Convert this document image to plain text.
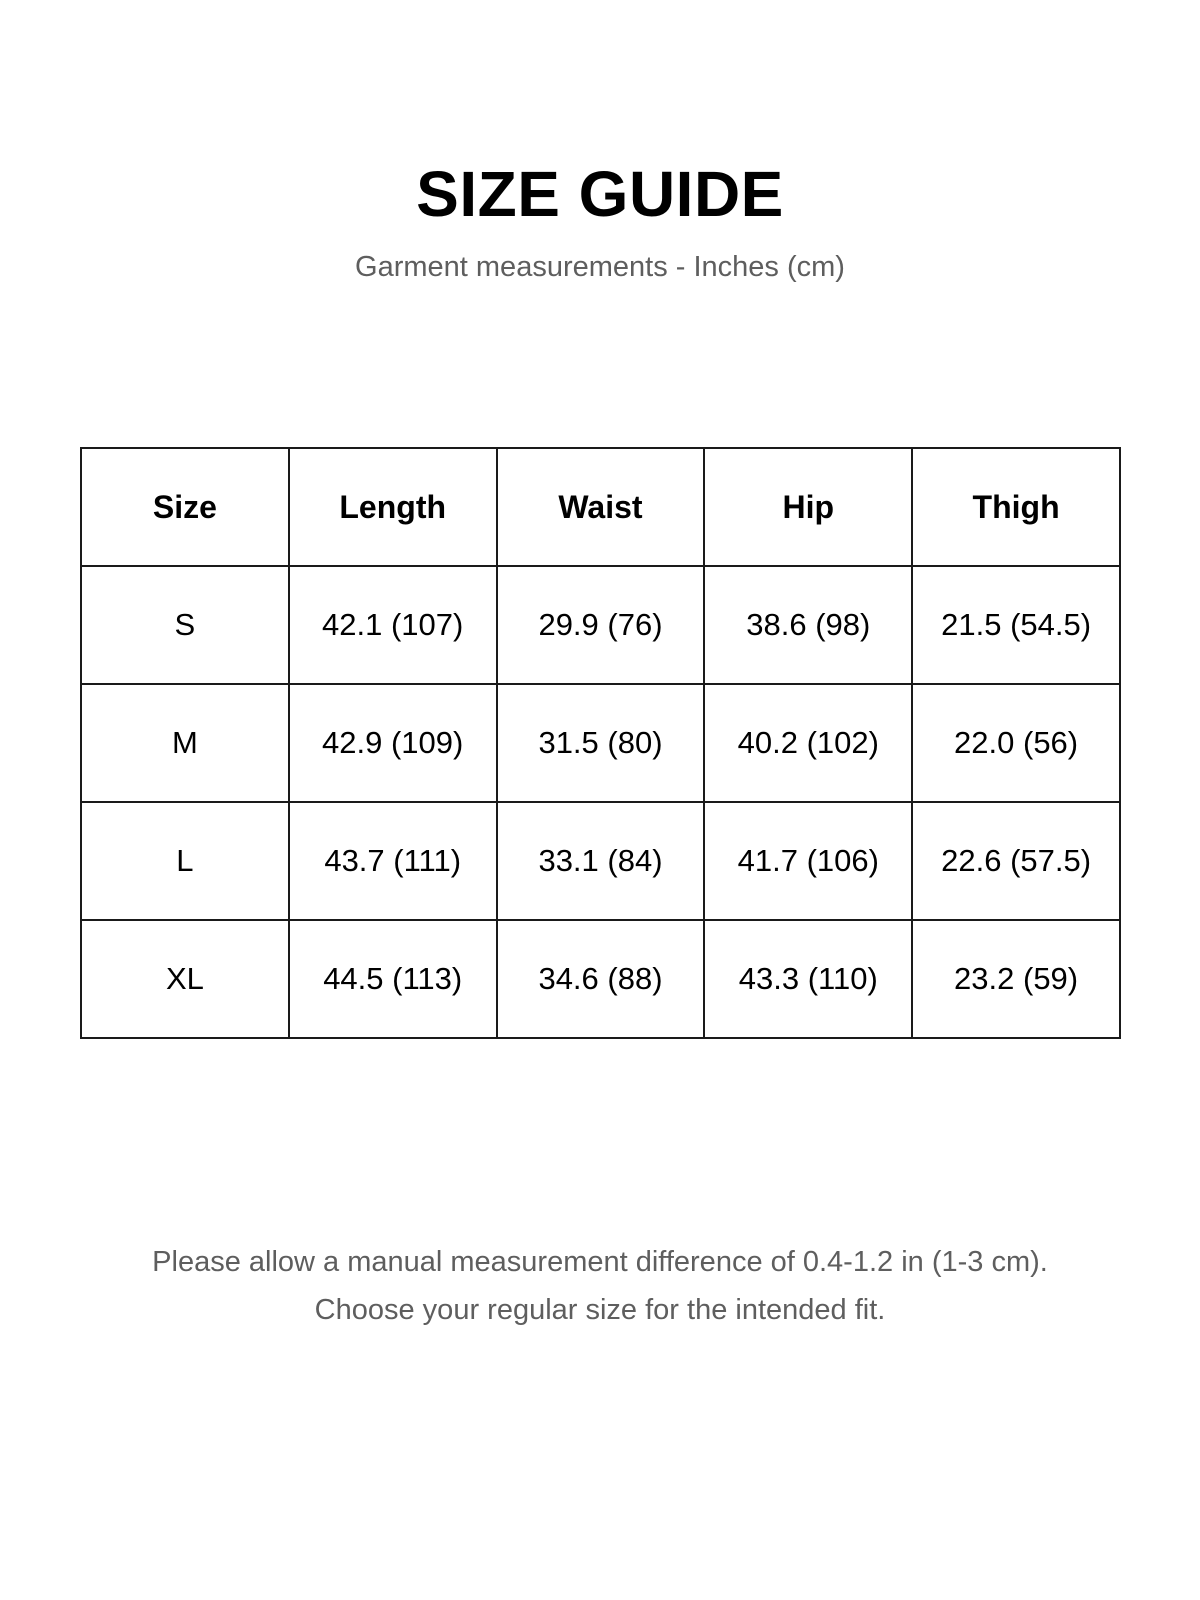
SIZE GUIDE

Garment measurements - Inches (cm)

Size	Length	Waist	Hip	Thigh
S	42.1 (107)	29.9 (76)	38.6 (98)	21.5 (54.5)
M	42.9 (109)	31.5 (80)	40.2 (102)	22.0 (56)
L	43.7 (111)	33.1 (84)	41.7 (106)	22.6 (57.5)
XL	44.5 (113)	34.6 (88)	43.3 (110)	23.2 (59)

Please allow a manual measurement difference of 0.4-1.2 in (1-3 cm).

Choose your regular size for the intended fit.
